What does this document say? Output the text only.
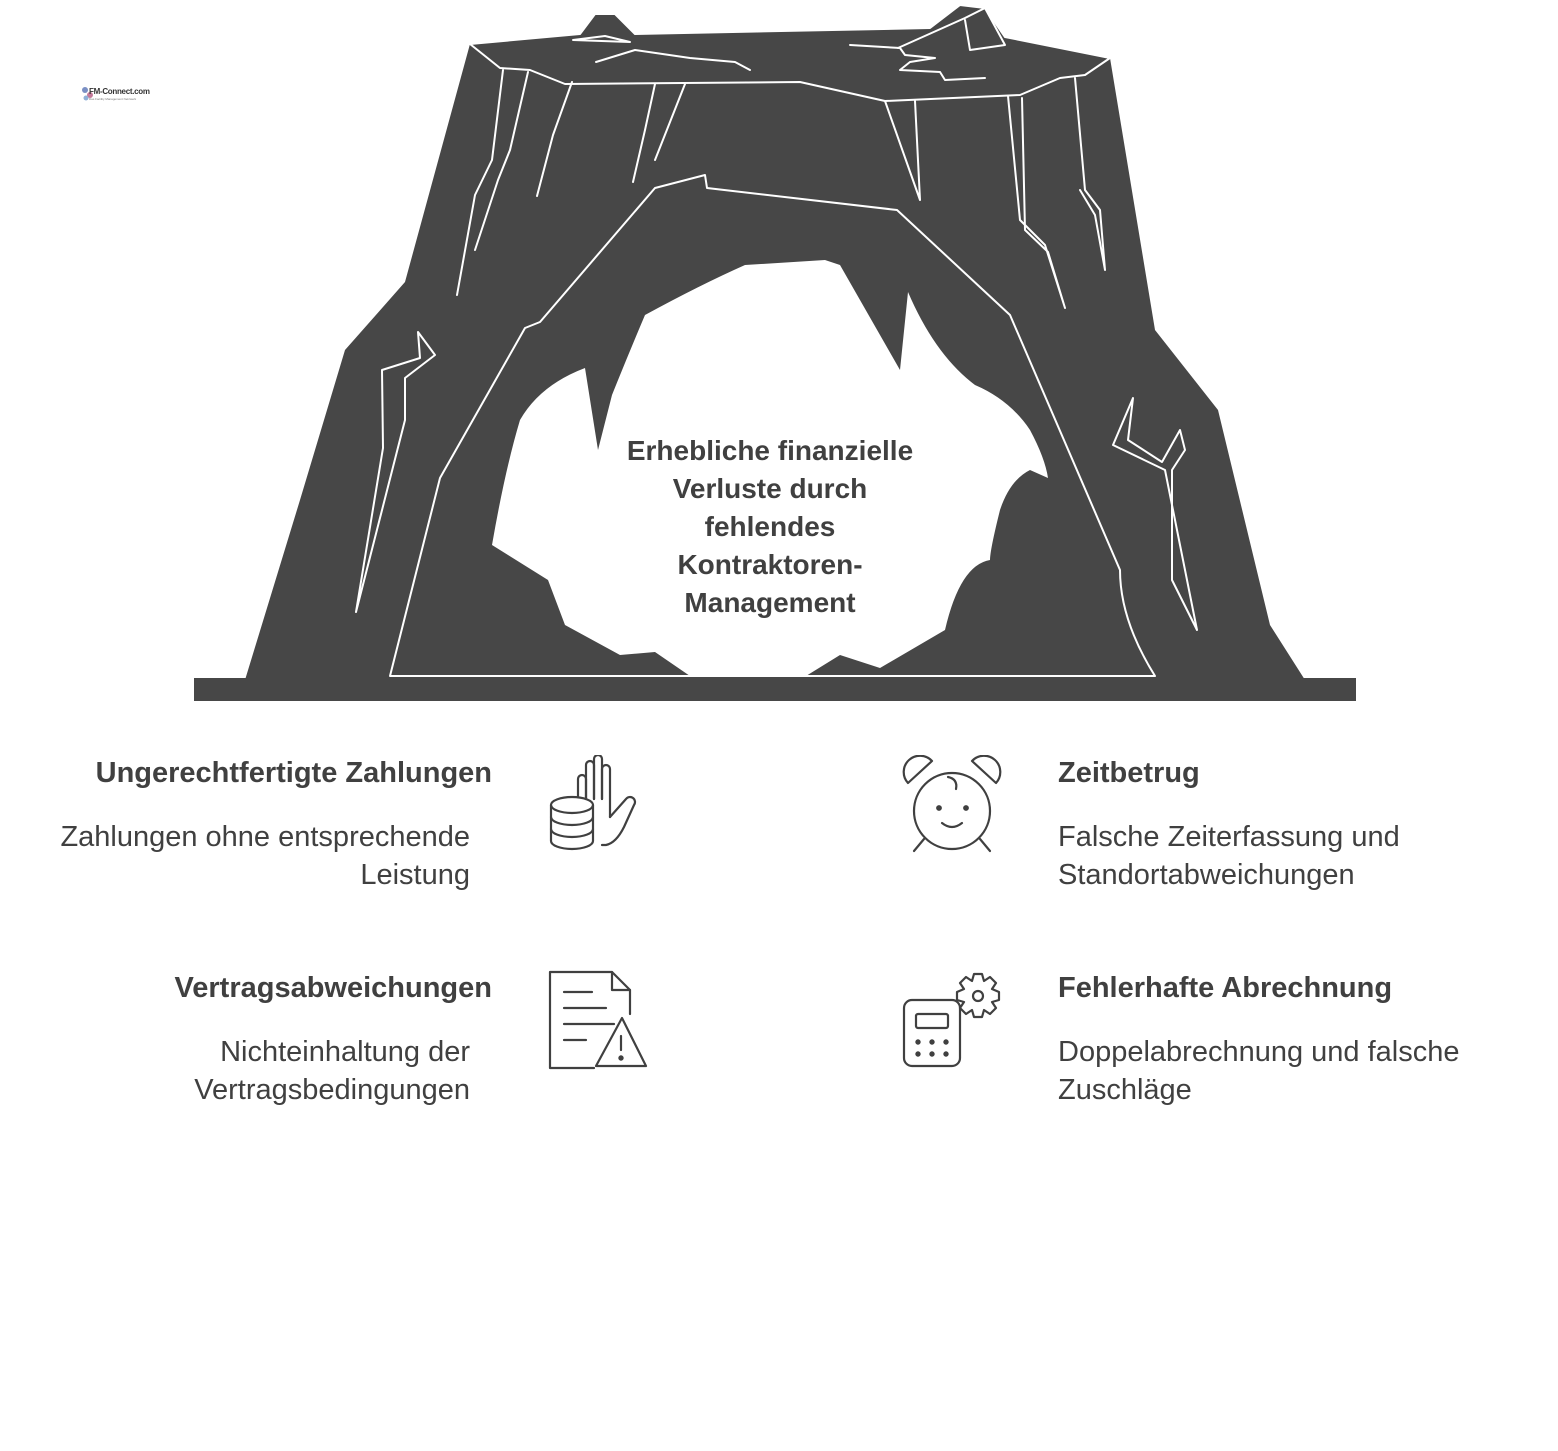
FM-Connect.com
Das Facility Management Netzwerk
Erhebliche finanzielle Verluste durch fehlendes Kontraktoren-Management
Ungerechtfertigte Zahlungen
Zahlungen ohne entsprechende Leistung
Zeitbetrug
Falsche Zeiterfassung und Standortabweichungen
Vertragsabweichungen
Nichteinhaltung der Vertragsbedingungen
Fehlerhafte Abrechnung
Doppelabrechnung und falsche Zuschläge
